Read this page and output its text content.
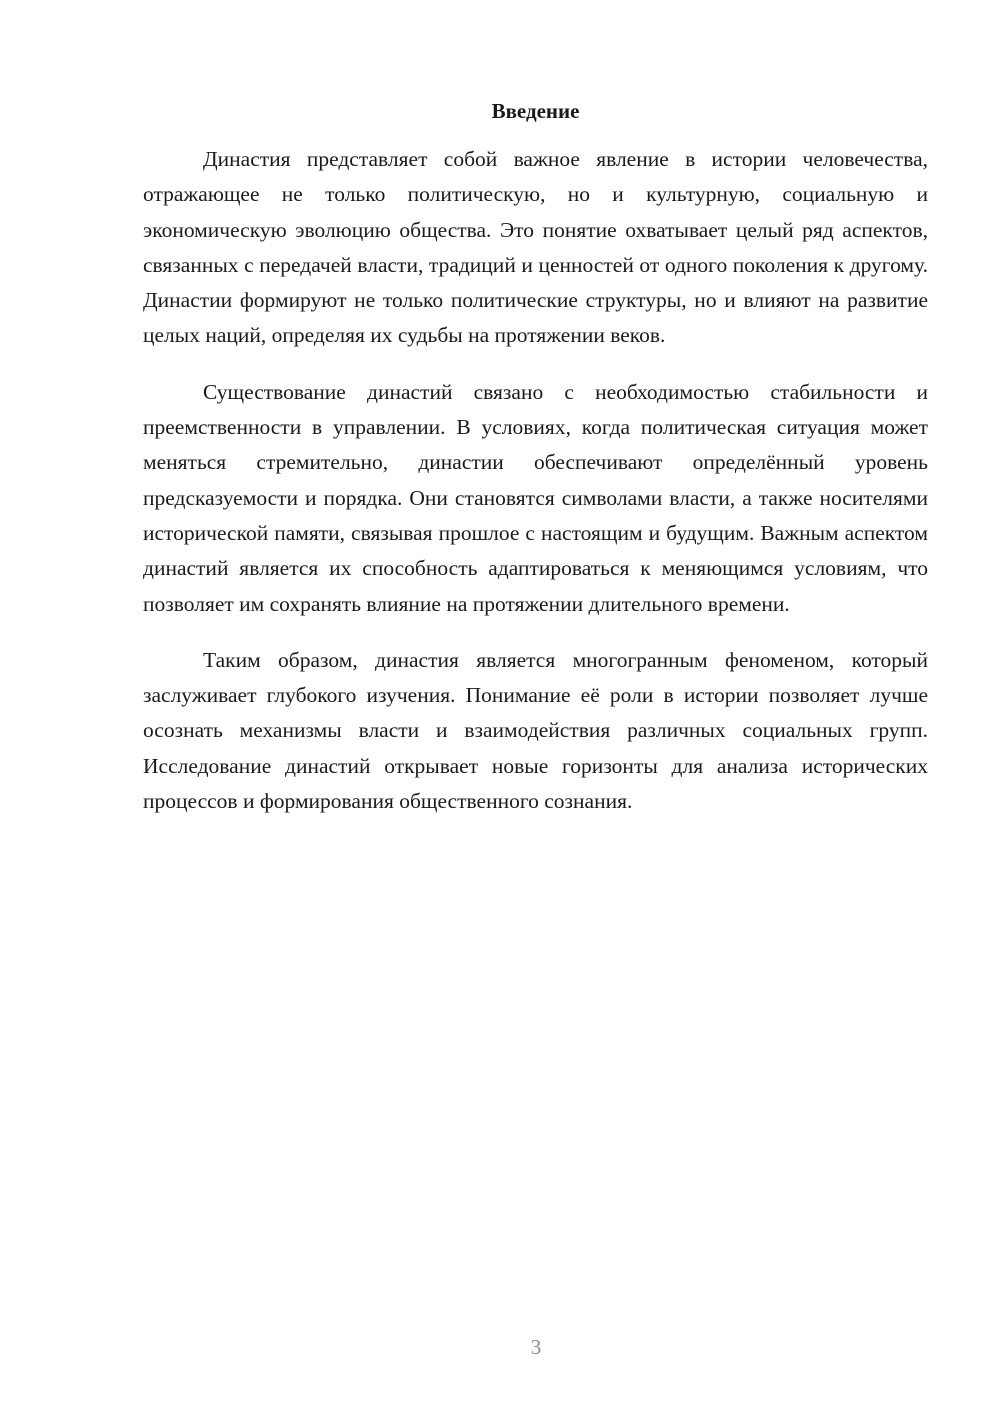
Введение

Династия представляет собой важное явление в истории человечества, отражающее не только политическую, но и культурную, социальную и экономическую эволюцию общества. Это понятие охватывает целый ряд аспектов, связанных с передачей власти, традиций и ценностей от одного поколения к другому. Династии формируют не только политические структуры, но и влияют на развитие целых наций, определяя их судьбы на протяжении веков.

Существование династий связано с необходимостью стабильности и преемственности в управлении. В условиях, когда политическая ситуация может меняться стремительно, династии обеспечивают определённый уровень предсказуемости и порядка. Они становятся символами власти, а также носителями исторической памяти, связывая прошлое с настоящим и будущим. Важным аспектом династий является их способность адаптироваться к меняющимся условиям, что позволяет им сохранять влияние на протяжении длительного времени.

Таким образом, династия является многогранным феноменом, который заслуживает глубокого изучения. Понимание её роли в истории позволяет лучше осознать механизмы власти и взаимодействия различных социальных групп. Исследование династий открывает новые горизонты для анализа исторических процессов и формирования общественного сознания.

3
